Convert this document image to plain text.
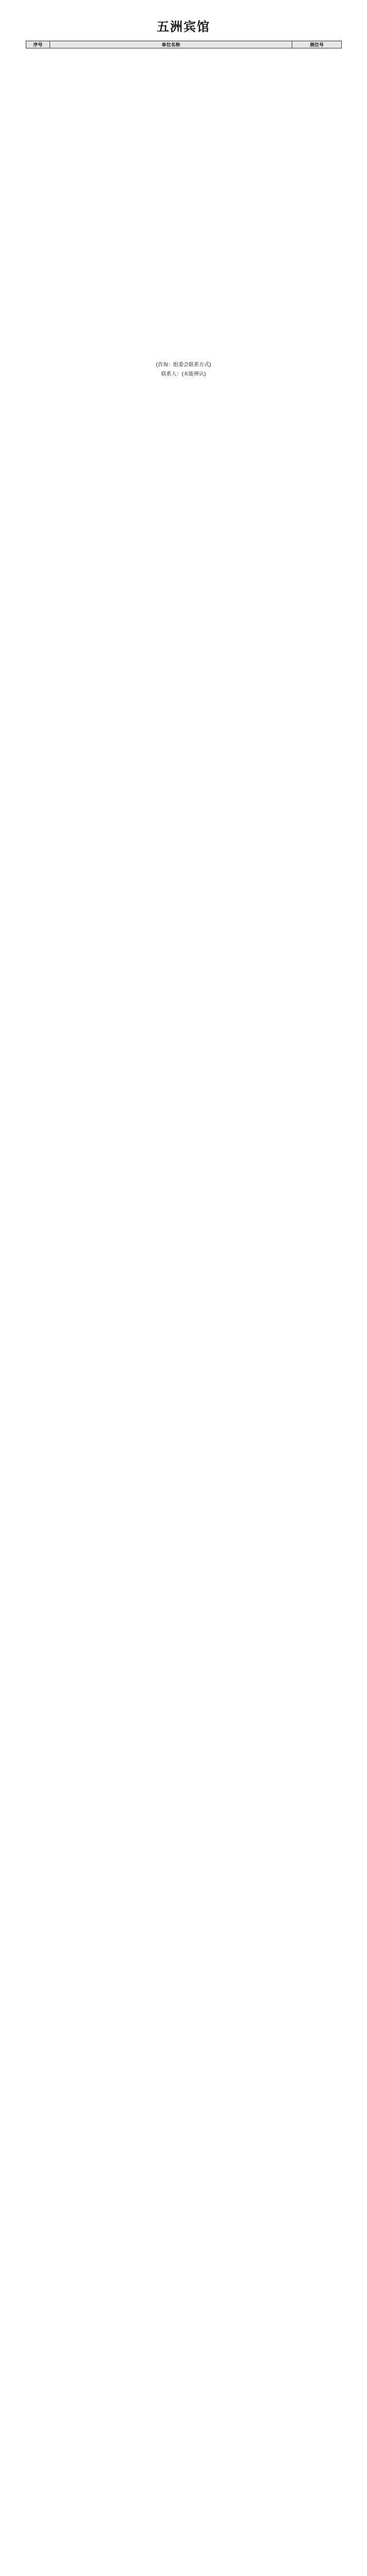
五洲宾馆
序号	单位名称	展位号
(咨询：组委会联系方式)
联系人：(未能辨认)
